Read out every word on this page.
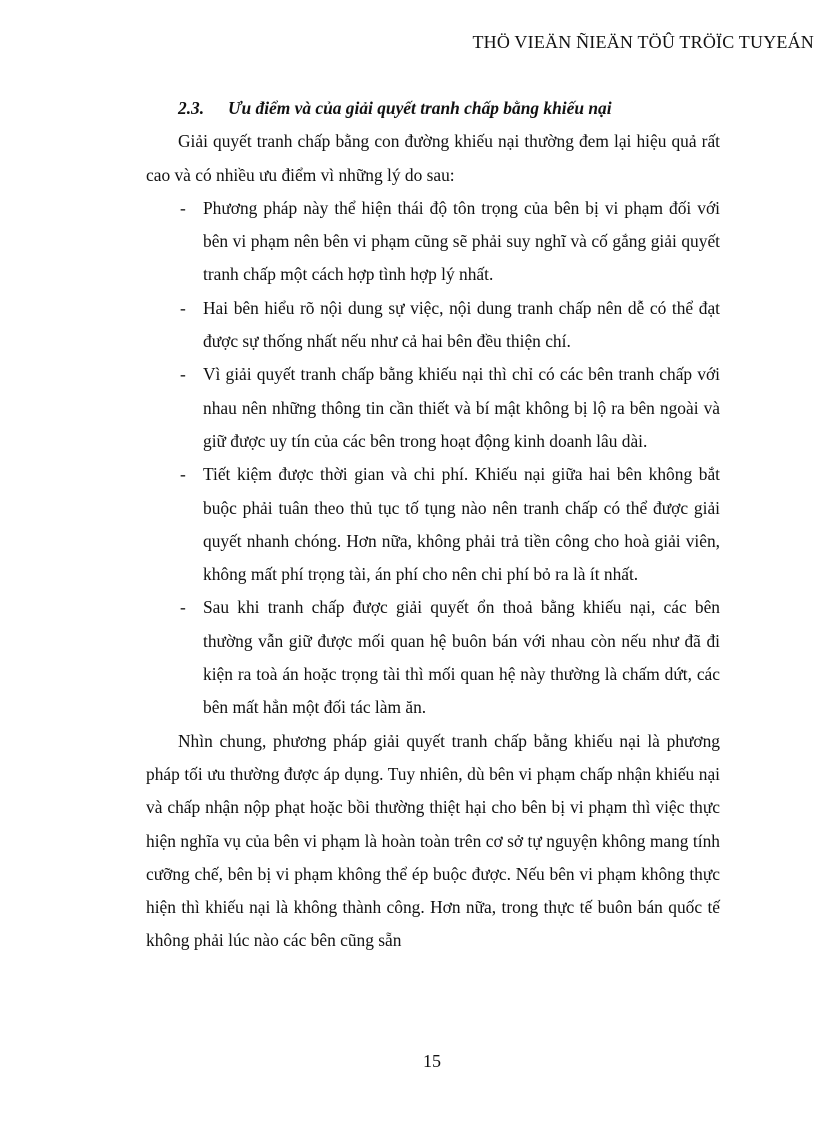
THÖ VIEÄN ÑIEÄN TÖÛ TRÖÏC TUYEÁN
2.3. Ưu điểm và của giải quyết tranh chấp bằng khiếu nại

Giải quyết tranh chấp bằng con đường khiếu nại thường đem lại hiệu quả rất cao và có nhiều ưu điểm vì những lý do sau:

- Phương pháp này thể hiện thái độ tôn trọng của bên bị vi phạm đối với bên vi phạm nên bên vi phạm cũng sẽ phải suy nghĩ và cố gắng giải quyết tranh chấp một cách hợp tình hợp lý nhất.
- Hai bên hiểu rõ nội dung sự việc, nội dung tranh chấp nên dễ có thể đạt được sự thống nhất nếu như cả hai bên đều thiện chí.
- Vì giải quyết tranh chấp bằng khiếu nại thì chỉ có các bên tranh chấp với nhau nên những thông tin cần thiết và bí mật không bị lộ ra bên ngoài và giữ được uy tín của các bên trong hoạt động kinh doanh lâu dài.
- Tiết kiệm được thời gian và chi phí. Khiếu nại giữa hai bên không bắt buộc phải tuân theo thủ tục tố tụng nào nên tranh chấp có thể được giải quyết nhanh chóng. Hơn nữa, không phải trả tiền công cho hoà giải viên, không mất phí trọng tài, án phí cho nên chi phí bỏ ra là ít nhất.
- Sau khi tranh chấp được giải quyết ổn thoả bằng khiếu nại, các bên thường vẫn giữ được mối quan hệ buôn bán với nhau còn nếu như đã đi kiện ra toà án hoặc trọng tài thì mối quan hệ này thường là chấm dứt, các bên mất hẳn một đối tác làm ăn.

Nhìn chung, phương pháp giải quyết tranh chấp bằng khiếu nại là phương pháp tối ưu thường được áp dụng. Tuy nhiên, dù bên vi phạm chấp nhận khiếu nại và chấp nhận nộp phạt hoặc bồi thường thiệt hại cho bên bị vi phạm thì việc thực hiện nghĩa vụ của bên vi phạm là hoàn toàn trên cơ sở tự nguyện không mang tính cưỡng chế, bên bị vi phạm không thể ép buộc được. Nếu bên vi phạm không thực hiện thì khiếu nại là không thành công. Hơn nữa, trong thực tế buôn bán quốc tế không phải lúc nào các bên cũng sẵn

15
